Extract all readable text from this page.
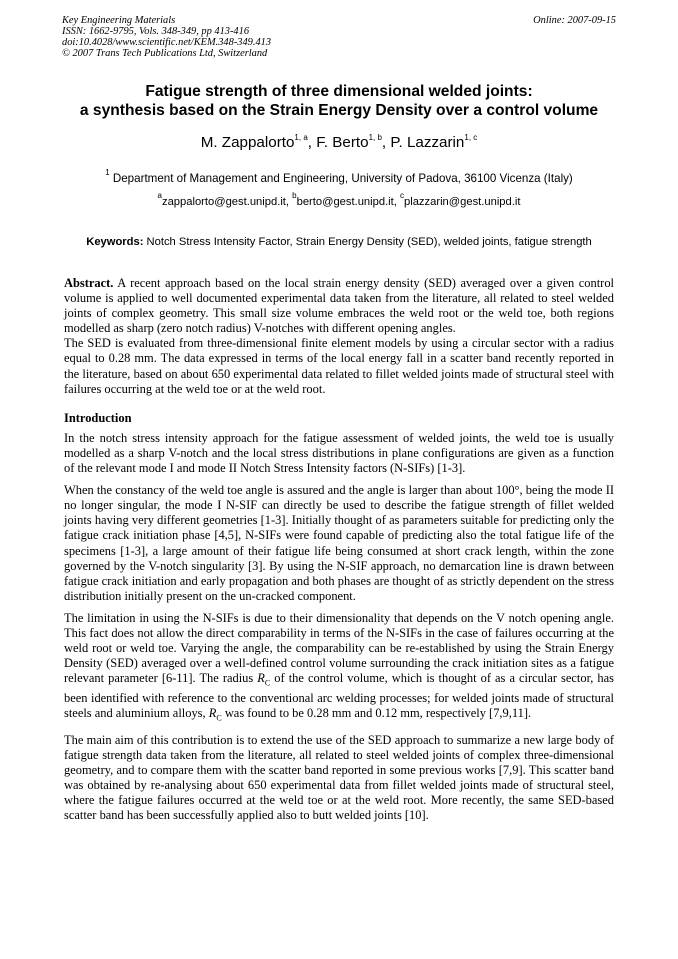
Key Engineering Materials
ISSN: 1662-9795, Vols. 348-349, pp 413-416
doi:10.4028/www.scientific.net/KEM.348-349.413
© 2007 Trans Tech Publications Ltd, Switzerland
Online: 2007-09-15
Fatigue strength of three dimensional welded joints:
a synthesis based on the Strain Energy Density over a control volume
M. Zappalorto$^{1, a}$, F. Berto$^{1, b}$, P. Lazzarin$^{1, c}$
$^1$ Department of Management and Engineering, University of Padova, 36100 Vicenza (Italy)
$^a$zappalorto@gest.unipd.it, $^b$berto@gest.unipd.it, $^c$plazzarin@gest.unipd.it
Keywords: Notch Stress Intensity Factor, Strain Energy Density (SED), welded joints, fatigue strength

Abstract. A recent approach based on the local strain energy density (SED) averaged over a given control volume is applied to well documented experimental data taken from the literature, all related to steel welded joints of complex geometry. This small size volume embraces the weld root or the weld toe, both regions modelled as sharp (zero notch radius) V-notches with different opening angles.

The SED is evaluated from three-dimensional finite element models by using a circular sector with a radius equal to 0.28 mm. The data expressed in terms of the local energy fall in a scatter band recently reported in the literature, based on about 650 experimental data related to fillet welded joints made of structural steel with failures occurring at the weld toe or at the weld root.

Introduction

In the notch stress intensity approach for the fatigue assessment of welded joints, the weld toe is usually modelled as a sharp V-notch and the local stress distributions in plane configurations are given as a function of the relevant mode I and mode II Notch Stress Intensity factors (N-SIFs) [1-3].

When the constancy of the weld toe angle is assured and the angle is larger than about 100°, being the mode II no longer singular, the mode I N-SIF can directly be used to describe the fatigue strength of fillet welded joints having very different geometries [1-3]. Initially thought of as parameters suitable for predicting only the fatigue crack initiation phase [4,5], N-SIFs were found capable of predicting also the total fatigue life of the specimens [1-3], a large amount of their fatigue life being consumed at short crack length, within the zone governed by the V-notch singularity [3]. By using the N-SIF approach, no demarcation line is drawn between fatigue crack initiation and early propagation and both phases are thought of as strictly dependent on the stress distribution initially present on the un-cracked component.

The limitation in using the N-SIFs is due to their dimensionality that depends on the V notch opening angle. This fact does not allow the direct comparability in terms of the N-SIFs in the case of failures occurring at the weld root or weld toe. Varying the angle, the comparability can be re-established by using the Strain Energy Density (SED) averaged over a well-defined control volume surrounding the crack initiation sites as a fatigue relevant parameter [6-11]. The radius $R_C$ of the control volume, which is thought of as a circular sector, has been identified with reference to the conventional arc welding processes; for welded joints made of structural steels and aluminium alloys, $R_C$ was found to be 0.28 mm and 0.12 mm, respectively [7,9,11].

The main aim of this contribution is to extend the use of the SED approach to summarize a new large body of fatigue strength data taken from the literature, all related to steel welded joints of complex three-dimensional geometry, and to compare them with the scatter band reported in some previous works [7,9]. This scatter band was obtained by re-analysing about 650 experimental data from fillet welded joints made of structural steel, where the fatigue failures occurred at the weld toe or at the weld root. More recently, the same SED-based scatter band has been successfully applied also to butt welded joints [10].
